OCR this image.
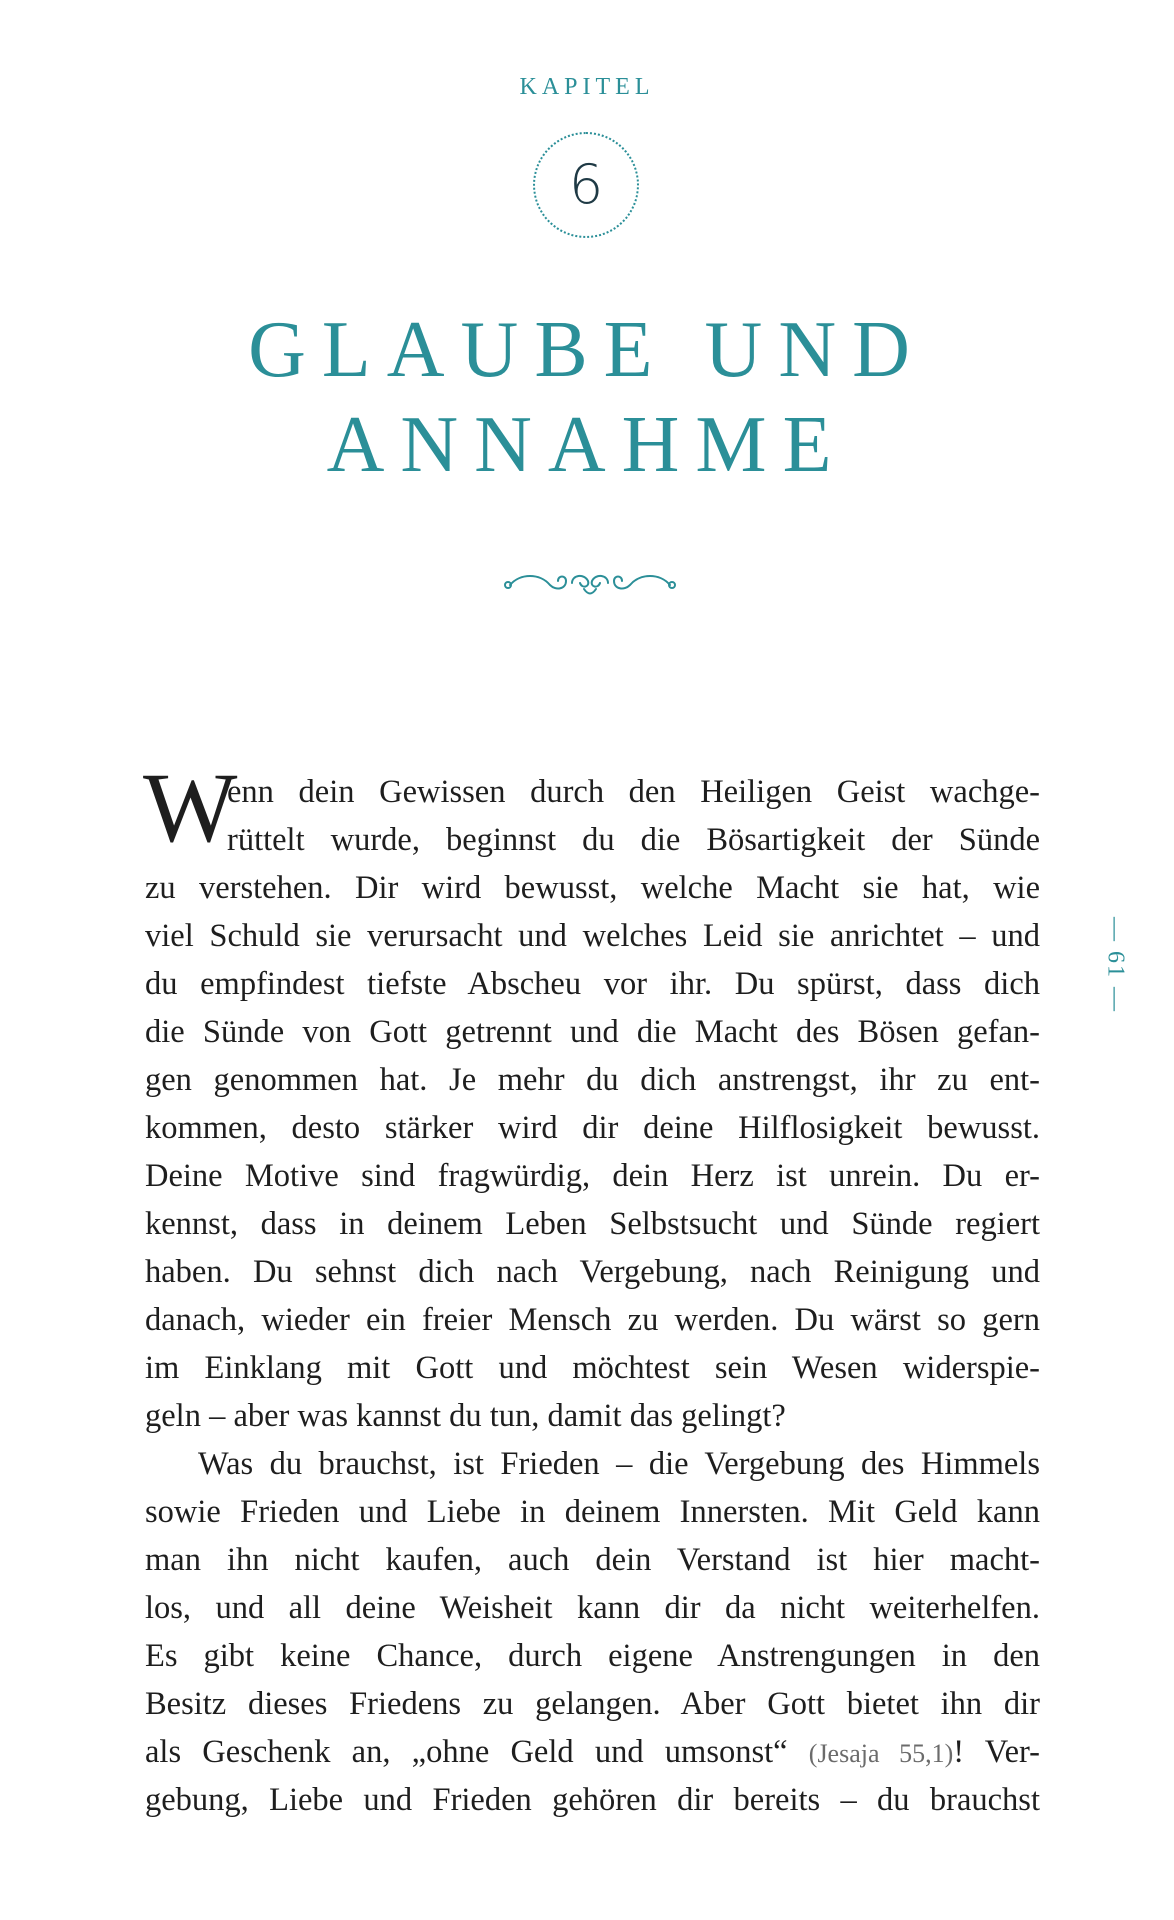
KAPITEL
6
GLAUBE UND
ANNAHME
— 61 —
W
enn dein Gewissen durch den Heiligen Geist wachge-
rüttelt wurde, beginnst du die Bösartigkeit der Sünde
zu verstehen. Dir wird bewusst, welche Macht sie hat, wie
viel Schuld sie verursacht und welches Leid sie anrichtet – und
du empfindest tiefste Abscheu vor ihr. Du spürst, dass dich
die Sünde von Gott getrennt und die Macht des Bösen gefan-
gen genommen hat. Je mehr du dich anstrengst, ihr zu ent-
kommen, desto stärker wird dir deine Hilflosigkeit bewusst.
Deine Motive sind fragwürdig, dein Herz ist unrein. Du er-
kennst, dass in deinem Leben Selbstsucht und Sünde regiert
haben. Du sehnst dich nach Vergebung, nach Reinigung und
danach, wieder ein freier Mensch zu werden. Du wärst so gern
im Einklang mit Gott und möchtest sein Wesen widerspie-
geln – aber was kannst du tun, damit das gelingt?
Was du brauchst, ist Frieden – die Vergebung des Himmels
sowie Frieden und Liebe in deinem Innersten. Mit Geld kann
man ihn nicht kaufen, auch dein Verstand ist hier macht-
los, und all deine Weisheit kann dir da nicht weiterhelfen.
Es gibt keine Chance, durch eigene Anstrengungen in den
Besitz dieses Friedens zu gelangen. Aber Gott bietet ihn dir
als Geschenk an, „ohne Geld und umsonst“ (Jesaja 55,1)! Ver-
gebung, Liebe und Frieden gehören dir bereits – du brauchst
